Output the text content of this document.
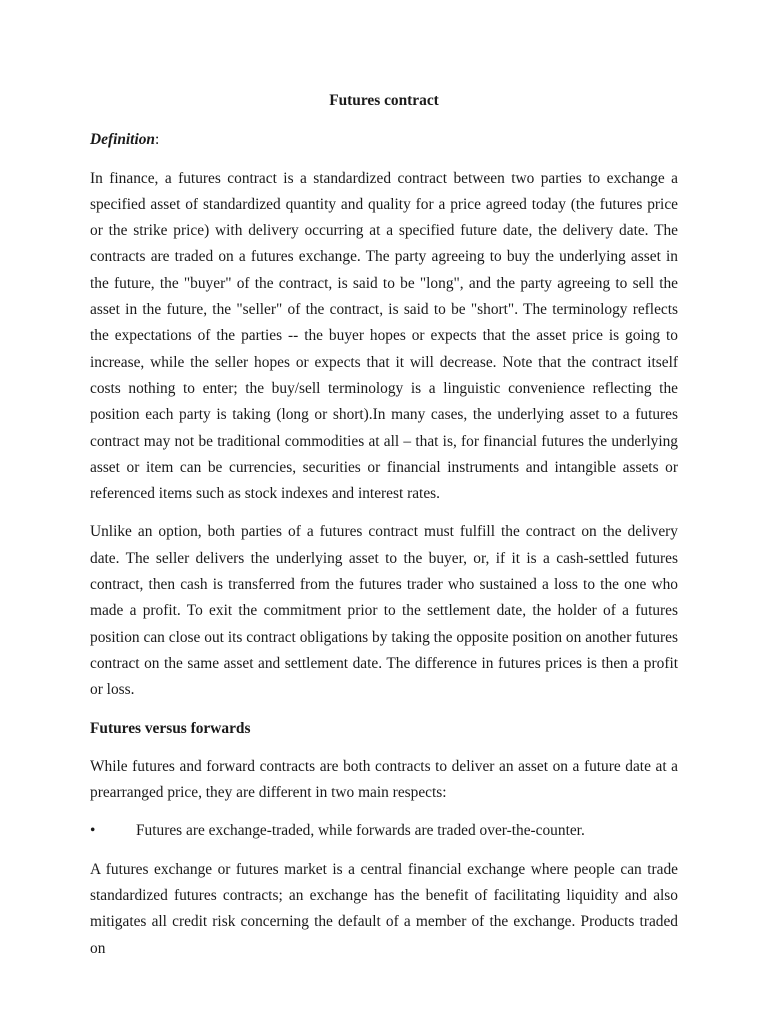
Futures contract
Definition:

In finance, a futures contract is a standardized contract between two parties to exchange a specified asset of standardized quantity and quality for a price agreed today (the futures price or the strike price) with delivery occurring at a specified future date, the delivery date. The contracts are traded on a futures exchange. The party agreeing to buy the underlying asset in the future, the "buyer" of the contract, is said to be "long", and the party agreeing to sell the asset in the future, the "seller" of the contract, is said to be "short". The terminology reflects the expectations of the parties -- the buyer hopes or expects that the asset price is going to increase, while the seller hopes or expects that it will decrease. Note that the contract itself costs nothing to enter; the buy/sell terminology is a linguistic convenience reflecting the position each party is taking (long or short).In many cases, the underlying asset to a futures contract may not be traditional commodities at all – that is, for financial futures the underlying asset or item can be currencies, securities or financial instruments and intangible assets or referenced items such as stock indexes and interest rates.

Unlike an option, both parties of a futures contract must fulfill the contract on the delivery date. The seller delivers the underlying asset to the buyer, or, if it is a cash-settled futures contract, then cash is transferred from the futures trader who sustained a loss to the one who made a profit. To exit the commitment prior to the settlement date, the holder of a futures position can close out its contract obligations by taking the opposite position on another futures contract on the same asset and settlement date. The difference in futures prices is then a profit or loss.

Futures versus forwards

While futures and forward contracts are both contracts to deliver an asset on a future date at a prearranged price, they are different in two main respects:

•	Futures are exchange-traded, while forwards are traded over-the-counter.

A futures exchange or futures market is a central financial exchange where people can trade standardized futures contracts; an exchange has the benefit of facilitating liquidity and also mitigates all credit risk concerning the default of a member of the exchange. Products traded on
